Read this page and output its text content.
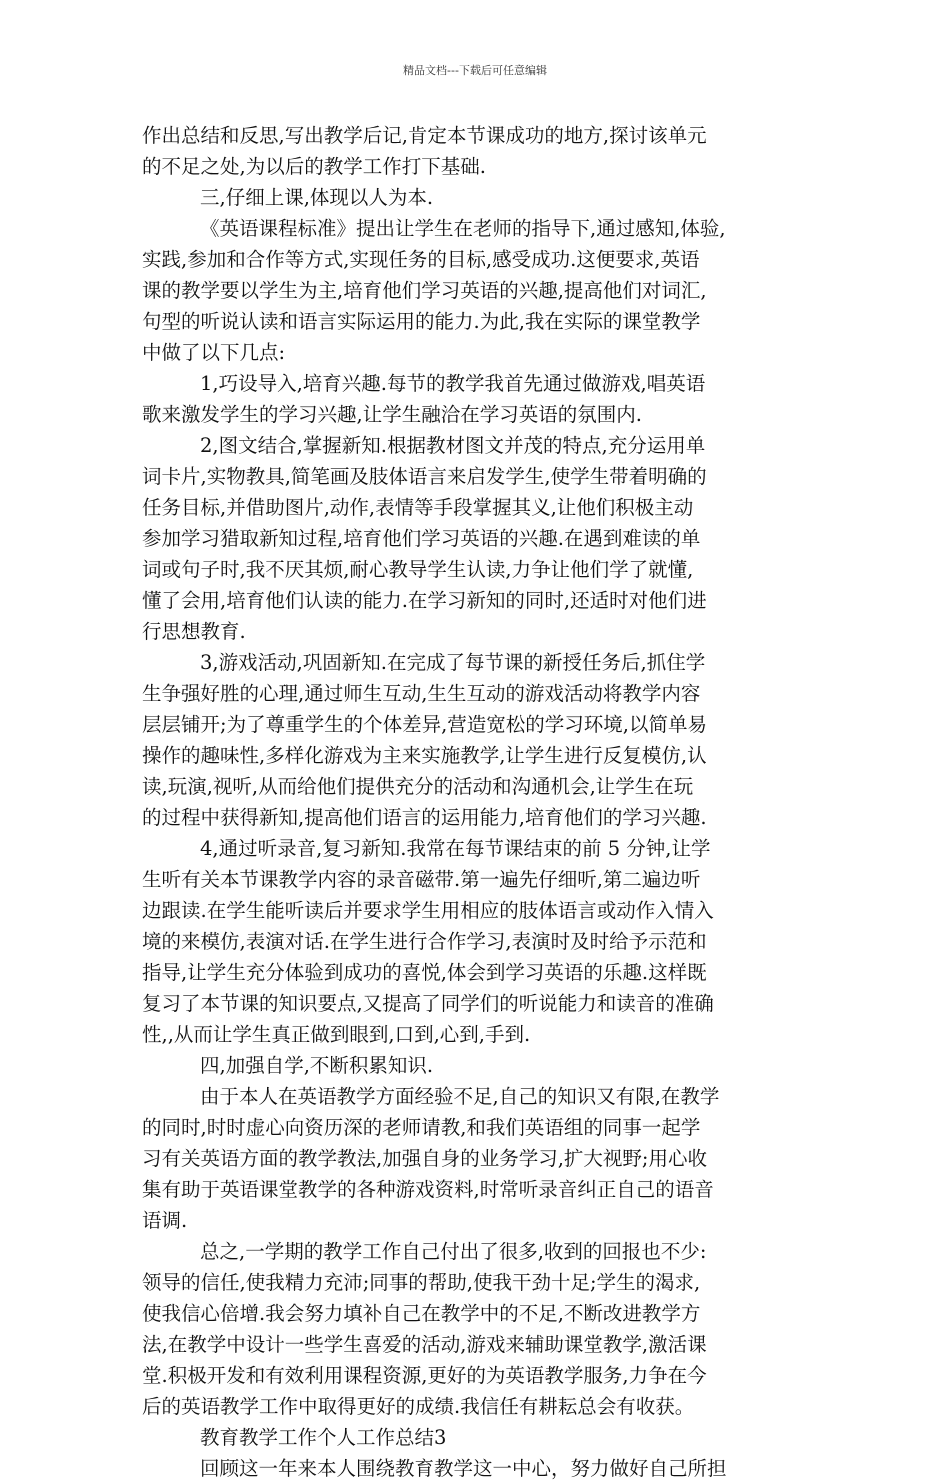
精品文档---下载后可任意编辑
作出总结和反思,写出教学后记,肯定本节课成功的地方,探讨该单元
的不足之处,为以后的教学工作打下基础.
三,仔细上课,体现以人为本.
《英语课程标准》提出让学生在老师的指导下,通过感知,体验,
实践,参加和合作等方式,实现任务的目标,感受成功.这便要求,英语
课的教学要以学生为主,培育他们学习英语的兴趣,提高他们对词汇,
句型的听说认读和语言实际运用的能力.为此,我在实际的课堂教学
中做了以下几点:
1,巧设导入,培育兴趣.每节的教学我首先通过做游戏,唱英语
歌来激发学生的学习兴趣,让学生融洽在学习英语的氛围内.
2,图文结合,掌握新知.根据教材图文并茂的特点,充分运用单
词卡片,实物教具,简笔画及肢体语言来启发学生,使学生带着明确的
任务目标,并借助图片,动作,表情等手段掌握其义,让他们积极主动
参加学习猎取新知过程,培育他们学习英语的兴趣.在遇到难读的单
词或句子时,我不厌其烦,耐心教导学生认读,力争让他们学了就懂,
懂了会用,培育他们认读的能力.在学习新知的同时,还适时对他们进
行思想教育.
3,游戏活动,巩固新知.在完成了每节课的新授任务后,抓住学
生争强好胜的心理,通过师生互动,生生互动的游戏活动将教学内容
层层铺开;为了尊重学生的个体差异,营造宽松的学习环境,以简单易
操作的趣味性,多样化游戏为主来实施教学,让学生进行反复模仿,认
读,玩演,视听,从而给他们提供充分的活动和沟通机会,让学生在玩
的过程中获得新知,提高他们语言的运用能力,培育他们的学习兴趣.
4,通过听录音,复习新知.我常在每节课结束的前 5 分钟,让学
生听有关本节课教学内容的录音磁带.第一遍先仔细听,第二遍边听
边跟读.在学生能听读后并要求学生用相应的肢体语言或动作入情入
境的来模仿,表演对话.在学生进行合作学习,表演时及时给予示范和
指导,让学生充分体验到成功的喜悦,体会到学习英语的乐趣.这样既
复习了本节课的知识要点,又提高了同学们的听说能力和读音的准确
性,,从而让学生真正做到眼到,口到,心到,手到.
四,加强自学,不断积累知识.
由于本人在英语教学方面经验不足,自己的知识又有限,在教学
的同时,时时虚心向资历深的老师请教,和我们英语组的同事一起学
习有关英语方面的教学教法,加强自身的业务学习,扩大视野;用心收
集有助于英语课堂教学的各种游戏资料,时常听录音纠正自己的语音
语调.
总之,一学期的教学工作自己付出了很多,收到的回报也不少:
领导的信任,使我精力充沛;同事的帮助,使我干劲十足;学生的渴求,
使我信心倍增.我会努力填补自己在教学中的不足,不断改进教学方
法,在教学中设计一些学生喜爱的活动,游戏来辅助课堂教学,激活课
堂.积极开发和有效利用课程资源,更好的为英语教学服务,力争在今
后的英语教学工作中取得更好的成绩.我信任有耕耘总会有收获。
教育教学工作个人工作总结3
回顾这一年来本人围绕教育教学这一中心，努力做好自己所担
